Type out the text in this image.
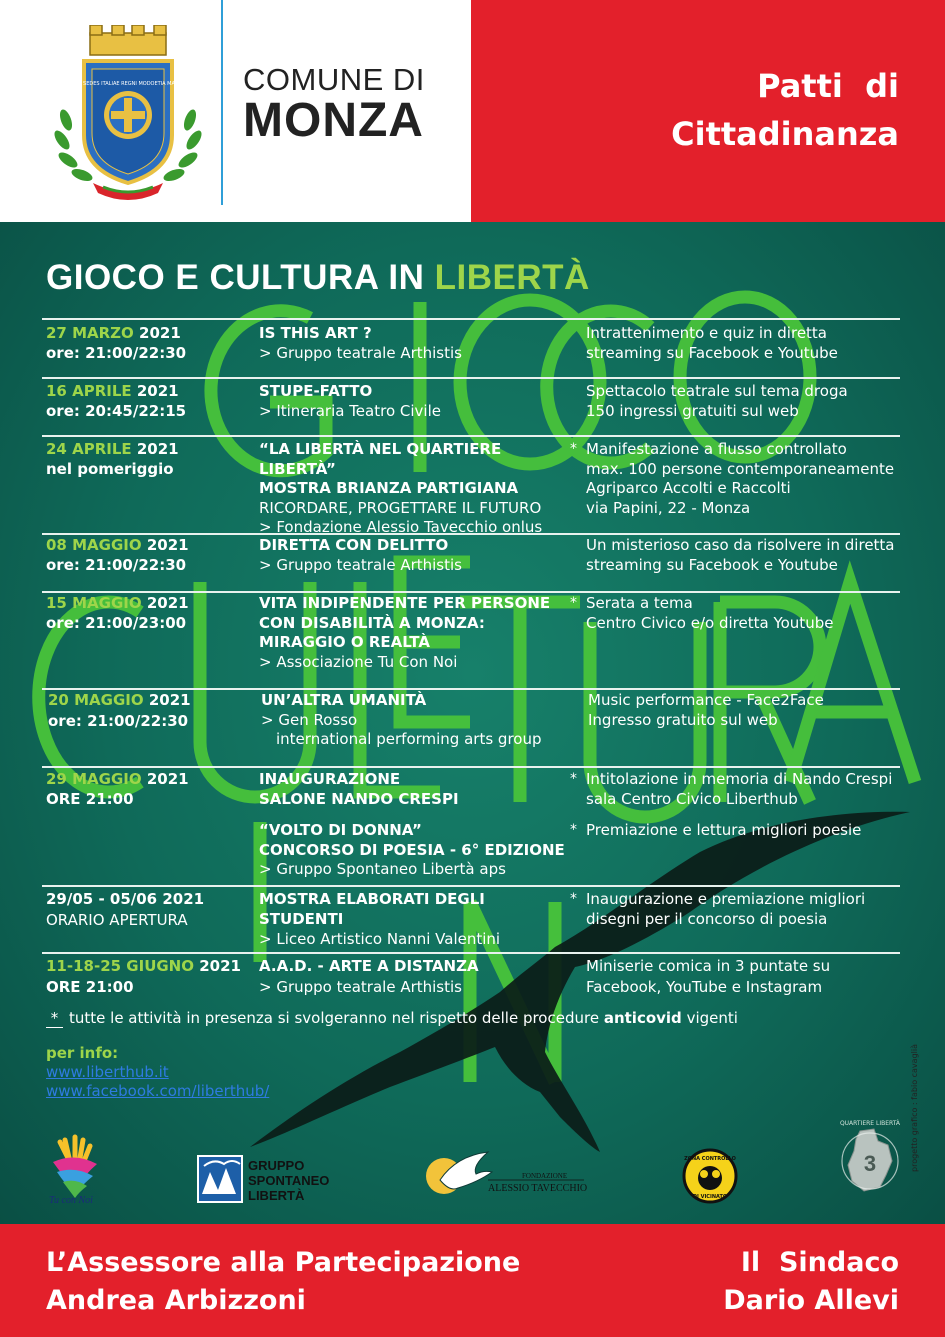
EST SEDES ITALIAE REGNI MODOETIA MAGNI COMUNE DI
MONZA
Patti  di
Cittadinanza
GIOCO E CULTURA IN LIBERTÀ
27 MARZO 2021
ore: 21:00/22:30
IS THIS ART ?
> Gruppo teatrale Arthistis
Intrattenimento e quiz in diretta
streaming su Facebook e Youtube
16 APRILE 2021
ore: 20:45/22:15
STUPE-FATTO
> Itineraria Teatro Civile
Spettacolo teatrale sul tema droga
150 ingressi gratuiti sul web
24 APRILE 2021
nel pomeriggio
“LA LIBERTÀ NEL QUARTIERE LIBERTÀ”
MOSTRA BRIANZA PARTIGIANA
RICORDARE, PROGETTARE IL FUTURO
> Fondazione Alessio Tavecchio onlus
* Manifestazione a flusso controllato
max. 100 persone contemporaneamente
Agriparco Accolti e Raccolti
via Papini, 22 - Monza
08 MAGGIO 2021
ore: 21:00/22:30
DIRETTA CON DELITTO
> Gruppo teatrale Arthistis
Un misterioso caso da risolvere in diretta
streaming su Facebook e Youtube
15 MAGGIO 2021
ore: 21:00/23:00
VITA INDIPENDENTE PER PERSONE
CON DISABILITÀ A MONZA:
MIRAGGIO O REALTÀ
> Associazione Tu Con Noi
* Serata a tema
Centro Civico e/o diretta Youtube
20 MAGGIO 2021
ore: 21:00/22:30
UN’ALTRA UMANITÀ
> Gen Rosso
international performing arts group
Music performance - Face2Face
Ingresso gratuito sul web
29 MAGGIO 2021
ORE 21:00
INAUGURAZIONE
SALONE NANDO CRESPI
“VOLTO DI DONNA”
CONCORSO DI POESIA - 6° EDIZIONE
> Gruppo Spontaneo Libertà aps
* Intitolazione in memoria di Nando Crespi
sala Centro Civico Liberthub
* Premiazione e lettura migliori poesie
29/05 - 05/06 2021
ORARIO APERTURA
MOSTRA ELABORATI DEGLI STUDENTI
> Liceo Artistico Nanni Valentini
* Inaugurazione e premiazione migliori
disegni per il concorso di poesia
11-18-25 GIUGNO 2021
ORE 21:00
A.A.D. - ARTE A DISTANZA
> Gruppo teatrale Arthistis
Miniserie comica in 3 puntate su
Facebook, YouTube e Instagram
progetto grafico : fabio cavaglià
* tutte le attività in presenza si svolgeranno nel rispetto delle procedure anticovid vigenti
per info:
www.liberthub.it
www.facebook.com/liberthub/
Tu con Noi
GRUPPO
SPONTANEO
LIBERTÀ
FONDAZIONE
ALESSIO TAVECCHIO
ZONA CONTROLLO
DI VICINATO
QUARTIERE LIBERTÀ
3
L’Assessore alla Partecipazione
Andrea Arbizzoni
Il  Sindaco
Dario Allevi
